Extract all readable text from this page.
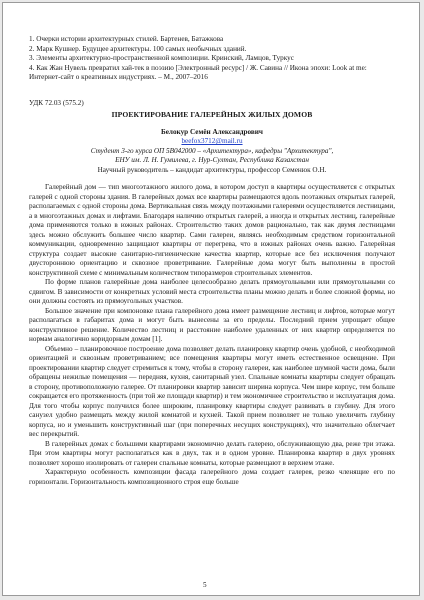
1. Очерки истории архитектурных стилей. Бартенев, Батажкова

2. Марк Кушнер. Будущее архитектуры. 100 самых необычных зданий.

3. Элементы архитектурно-пространственной композиции. Кринский, Ламцов, Туркус

4. Как Жан Нувель превратил хай-тек в поэзию [Электронный ресурс] / Ж. Савина // Икона эпохи: Look at me: Интернет-сайт о креативных индустриях. – М., 2007–2016

УДК 72.03 (575.2)
ПРОЕКТИРОВАНИЕ ГАЛЕРЕЙНЫХ ЖИЛЫХ ДОМОВ

Белокур Семён Александрович

beefox3712@mail.ru

Студент 3-го курса ОП 5В042000 – «Архитектура», кафедры "Архитектура",

ЕНУ им. Л. Н. Гумилева, г. Нур-Султан, Республика Казахстан

Научный руководитель – кандидат архитектуры, профессор Семенюк О.Н.

Галерейный дом — тип многоэтажного жилого дома, в котором доступ в квартиры осуществляется с открытых галерей с одной стороны здания. В галерейных домах все квартиры размещаются вдоль поэтажных открытых галерей, располагаемых с одной стороны дома. Вертикальная связь между поэтажными галереями осуществляется лестницами, а в многоэтажных домах и лифтами. Благодаря наличию открытых галерей, а иногда и открытых лестниц, галерейные дома применяются только в южных районах. Строительство таких домов рационально, так как двумя лестницами здесь можно обслужить большее число квартир. Сами галереи, являясь необходимым средством горизонтальной коммуникации, одновременно защищают квартиры от перегрева, что в южных районах очень важно. Галерейная структура создает высокие санитарно-гигиенические качества квартир, которые все без исключения получают двустороннюю ориентацию и сквозное проветривание. Галерейные дома могут быть выполнены в простой конструктивной схеме с минимальным количеством типоразмеров строительных элементов.

По форме планов галерейные дома наиболее целесообразно делать прямоугольными или прямоугольными со сдвигом. В зависимости от конкретных условий места строительства планы можно делать и более сложной формы, но они должны состоять из прямоугольных участков.

Большое значение при компоновке плана галерейного дома имеет размещение лестниц и лифтов, которые могут располагаться в габаритах дома и могут быть вынесены за его пределы. Последний прием упрощает общее конструктивное решение. Количество лестниц и расстояние наиболее удаленных от них квартир определяется по нормам аналогично коридорным домам [1].

Объемно – планировочное построение дома позволяет делать планировку квартир очень удобной, с необходимой ориентацией и сквозным проветриванием; все помещения квартиры могут иметь естественное освещение. При проектировании квартир следует стремиться к тому, чтобы в сторону галереи, как наиболее шумной части дома, были обращены нежилые помещения — передняя, кухня, санитарный узел. Спальные комнаты квартиры следует обращать в сторону, противоположную галерее. От планировки квартир зависит ширина корпуса. Чем шире корпус, тем больше сокращается его протяженность (при той же площади квартир) и тем экономичнее строительство и эксплуатация дома. Для того чтобы корпус получился более широким, планировку квартиры следует развивать в глубину. Для этого санузел удобно размещать между жилой комнатой и кухней. Такой прием позволяет не только увеличить глубину корпуса, но и уменьшить конструктивный шаг (при поперечных несущих конструкциях), что значительно облегчает вес перекрытий.

В галерейных домах с большими квартирами экономично делать галерею, обслуживающую два, реже три этажа. При этом квартиры могут располагаться как в двух, так и в одном уровне. Планировка квартир в двух уровнях позволяет хорошо изолировать от галереи спальные комнаты, которые размещают в верхнем этаже.

Характерную особенность композиции фасада галерейного дома создает галерея, резко членящие его по горизонтали. Горизонтальность композиционного строя еще больше

5
